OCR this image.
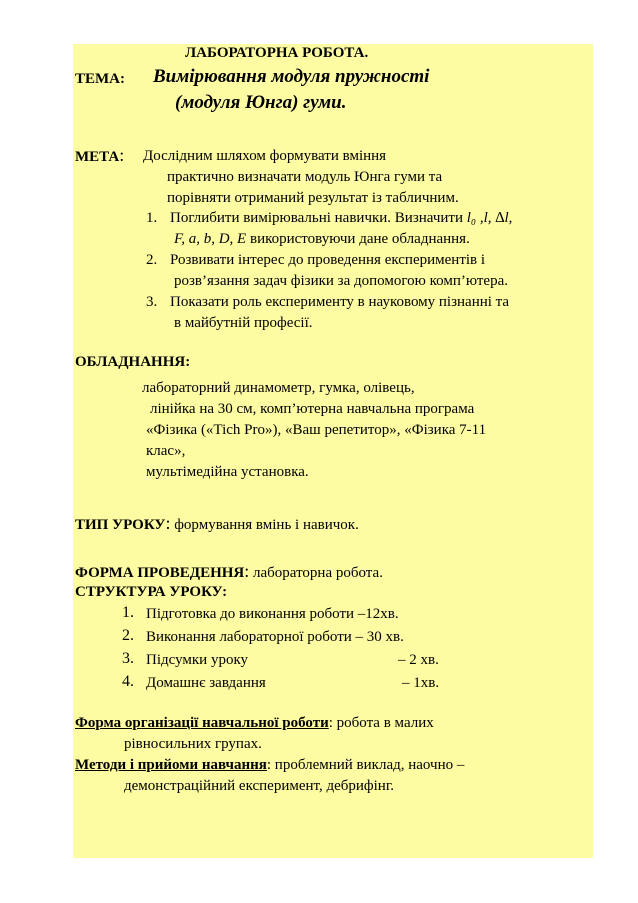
ЛАБОРАТОРНА РОБОТА.
ТЕМА: Вимірювання модуля пружності
(модуля Юнга) гуми.
МЕТА: Дослідним шляхом формувати вміння
практично визначати модуль Юнга гуми та
порівняти отриманий результат із табличним.
1. Поглибити вимірювальні навички. Визначити l₀ ,l, ∆l,
F, a, b, D, E використовуючи дане обладнання.
2. Розвивати інтерес до проведення експериментів і
розв’язання задач фізики за допомогою комп’ютера.
3. Показати роль експерименту в науковому пізнанні та
в майбутній професії.
ОБЛАДНАННЯ:
лабораторний динамометр, гумка, олівець,
лінійка на 30 см, комп’ютерна навчальна програма
«Фізика («Tich Pro»), «Ваш репетитор», «Фізика 7-11
клас»,
мультімедійна установка.
ТИП УРОКУ: формування вмінь і навичок.
ФОРМА ПРОВЕДЕННЯ: лабораторна робота.
СТРУКТУРА УРОКУ:
1. Підготовка до виконання роботи –12хв.
2. Виконання лабораторної роботи – 30 хв.
3. Підсумки уроку	– 2 хв.
4. Домашнє завдання	– 1хв.
Форма організації навчальної роботи: робота в малих
рівносильних групах.
Методи і прийоми навчання: проблемний виклад, наочно –
демонстраційний експеримент, дебрифінг.
